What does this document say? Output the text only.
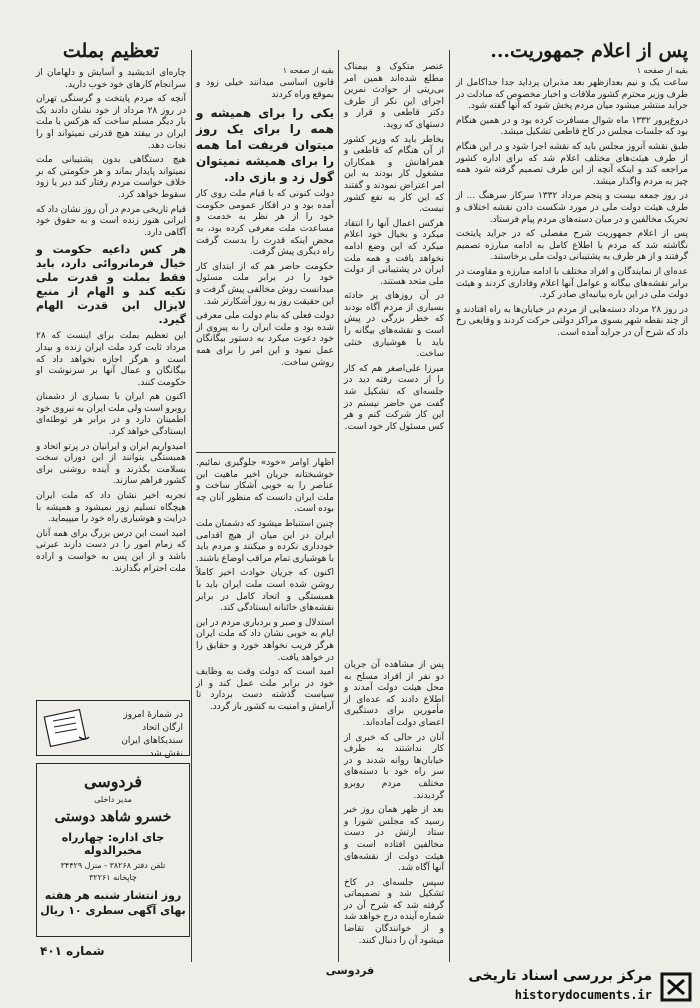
پس از اعلام جمهوریت...
بقیه از صفحه ۱

ساعت یک و نیم بعدازظهر بعد مذبران پرداید جدا جداکامل از طرف وزیر محترم کشور ملاقات و اخبار مخصوص که مبادلت در جراید منتشر میشود میان مردم پخش شود که آنها گفته شود.

دروغ‌پرور ۱۳۳۲ ماه شوال مسافرت کرده بود و در همین هنگام بود که جلسات مجلس در کاخ قاطعی تشکیل میشد.

طبق نقشه آنروز مجلس باید که نقشه اجرا شود و در این هنگام از طرف هیئت‌های مختلف اعلام شد که برای اداره کشور مراجعه کند و اینکه آنچه از این طرف تصمیم گرفته شود همه چیز به مردم واگذار میشد.

در روز جمعه بیست و پنجم مرداد ۱۳۳۲ سرکار سرهنگ ... از طرف هیئت دولت ملی در مورد شکست دادن نقشه اختلاف و تحریک مخالفین و در میان دسته‌های مردم پیام فرستاد.

پس از اعلام جمهوریت شرح مفصلی که در جراید پایتخت نگاشته شد که مردم با اطلاع کامل به ادامه مبارزه تصمیم گرفتند و از هر طرف به پشتیبانی دولت ملی برخاستند.

عده‌ای از نمایندگان و افراد مختلف با ادامه مبارزه و مقاومت در برابر نقشه‌های بیگانه و عوامل آنها اعلام وفاداری کردند و هیئت دولت ملی در این باره بیانیه‌ای صادر کرد.

در روز ۲۸ مرداد دسته‌هایی از مردم در خیابان‌ها به راه افتادند و از چند نقطه شهر بسوی مراکز دولتی حرکت کردند و وقایعی رخ داد که شرح آن در جراید آمده است.

عنصر متکوک و بیمناک مطلع شده‌اند همین امر بی‌ریتی از حوادث نمرین اجرای این نکر از طرف دکتر قاطعی و قرار و دستهای که روید.

بخاطر باید که وزیر کشور از آن هنگام که قاطعی و همراهانش و همکاران مشغول کار بودند به این امر اعتراض نمودند و گفتند که این کار به نفع کشور نیست.

هرکس اعمال آنها را انتقاد میکرد و بخیال خود اعلام میکرد که این وضع ادامه نخواهد یافت و همه ملت ایران در پشتیبانی از دولت ملی متحد هستند.

در آن روزهای پر حادثه بسیاری از مردم آگاه بودند که خطر بزرگی در پیش است و نقشه‌های بیگانه را باید با هوشیاری خنثی ساخت.

میرزا علی‌اصغر هم که کار را از دست رفته دید در جلسه‌ای که تشکیل شد گفت من حاضر نیستم در این کار شرکت کنم و هر کس مسئول کار خود است.

پس از مشاهده آن جریان دو نفر از افراد مسلح به محل هیئت دولت آمدند و اطلاع دادند که عده‌ای از مأمورین برای دستگیری اعضای دولت آماده‌اند.

آنان در حالی که خبری از کار نداشتند به طرف خیابان‌ها روانه شدند و در سر راه خود با دسته‌های مختلف مردم روبرو گردیدند.

بعد از ظهر همان روز خبر رسید که مجلس شورا و ستاد ارتش در دست مخالفین افتاده است و هیئت دولت از نقشه‌های آنها آگاه شد.

سپس جلسه‌ای در کاخ تشکیل شد و تصمیماتی گرفته شد که شرح آن در شماره آینده درج خواهد شد و از خوانندگان تقاضا میشود آن را دنبال کنند.

بقیه از صفحه ۱

قانون اساسی میدانند خیلی زود و بموقع وراه کردند

یکی را برای همیشه و همه را برای یک روز میتوان فریفت اما همه را برای همیشه نمیتوان گول زد و بازی داد.

دولت کنونی که با قیام ملت روی کار آمده بود و در افکار عمومی حکومت خود را از هر نظر به خدمت و مساعدت ملت معرفی کرده بود، به محض اینکه قدرت را بدست گرفت راه دیگری پیش گرفت.

حکومت حاضر هم که از ابتدای کار خود را در برابر ملت مسئول میدانست روش مخالفی پیش گرفت و این حقیقت روز به روز آشکارتر شد.

دولت فعلی که بنام دولت ملی معرفی شده بود و ملت ایران را به پیروی از خود دعوت میکرد به دستور بیگانگان عمل نمود و این امر را برای همه روشن ساخت.

اظهار اوامر «خود» جلوگیری نمائیم. خوشبختانه جریان اخیر ماهیت این عناصر را به خوبی آشکار ساخت و ملت ایران دانست که منظور آنان چه بوده است.

چنین استنباط میشود که دشمنان ملت ایران در این میان از هیچ اقدامی خودداری نکرده و میکنند و مردم باید با هوشیاری تمام مراقب اوضاع باشند.

اکنون که جریان حوادث اخیر کاملاً روشن شده است ملت ایران باید با همبستگی و اتحاد کامل در برابر نقشه‌های خائنانه ایستادگی کند.

استدلال و صبر و بردباری مردم در این ایام به خوبی نشان داد که ملت ایران هرگز فریب نخواهد خورد و حقایق را در خواهد یافت.

امید است که دولت وقت به وظایف خود در برابر ملت عمل کند و از سیاست گذشته دست بردارد تا آرامش و امنیت به کشور باز گردد.

تعظیم بملت

چاره‌ای اندیشید و آسایش و دلهامان از سرانجام کارهای خود خوب دارید.

آنچه که مردم پایتخت و گرسنگی تهران در روز ۲۸ مرداد از خود نشان دادند یک بار دیگر مسلم ساخت که هرکس با ملت ایران در بیفتد هیچ قدرتی نمیتواند او را نجات دهد.

هیچ دستگاهی بدون پشتیبانی ملت نمیتواند پایدار بماند و هر حکومتی که بر خلاف خواست مردم رفتار کند دیر یا زود سقوط خواهد کرد.

قیام تاریخی مردم در آن روز نشان داد که ایرانی هنوز زنده است و به حقوق خود آگاهی دارد.

هر کس داعیه حکومت و خیال فرمانروائی دارد، باید فقط بملت و قدرت ملی تکیه کند و الهام از منبع لایزال این قدرت الهام گیرد.

این تعظیم بملت برای اینست که ۲۸ مرداد ثابت کرد ملت ایران زنده و بیدار است و هرگز اجازه نخواهد داد که بیگانگان و عمال آنها بر سرنوشت او حکومت کنند.

اکنون هم ایران با بسیاری از دشمنان روبرو است ولی ملت ایران به نیروی خود اطمینان دارد و در برابر هر توطئه‌ای ایستادگی خواهد کرد.

امیدواریم ایران و ایرانیان در پرتو اتحاد و همبستگی بتوانند از این دوران سخت بسلامت بگذرند و آینده روشنی برای کشور فراهم سازند.

تجربه اخیر نشان داد که ملت ایران هیچگاه تسلیم زور نمیشود و همیشه با درایت و هوشیاری راه خود را میپیماید.

امید است این درس بزرگ برای همه آنان که زمام امور را در دست دارند عبرتی باشد و از این پس به خواست و اراده ملت احترام بگذارند.

در شمارۀ امروز ارگان اتحاد سندیکاهای ایران نقش شد
فردوسی
مدیر داخلی
خسرو شاهد دوستی
جای اداره: چهارراه مخبرالدوله
تلفن دفتر ۳۸۲۶۸ - منزل ۳۴۴۲۹
چاپخانه ۳۲۲۶۱
روز انتشار شنبه هر هفته
بهای آگهی سطری ۱۰ ریال
شماره ۴۰۱
فردوسی	مرکز بررسی اسناد تاریخی
historydocuments.ir
